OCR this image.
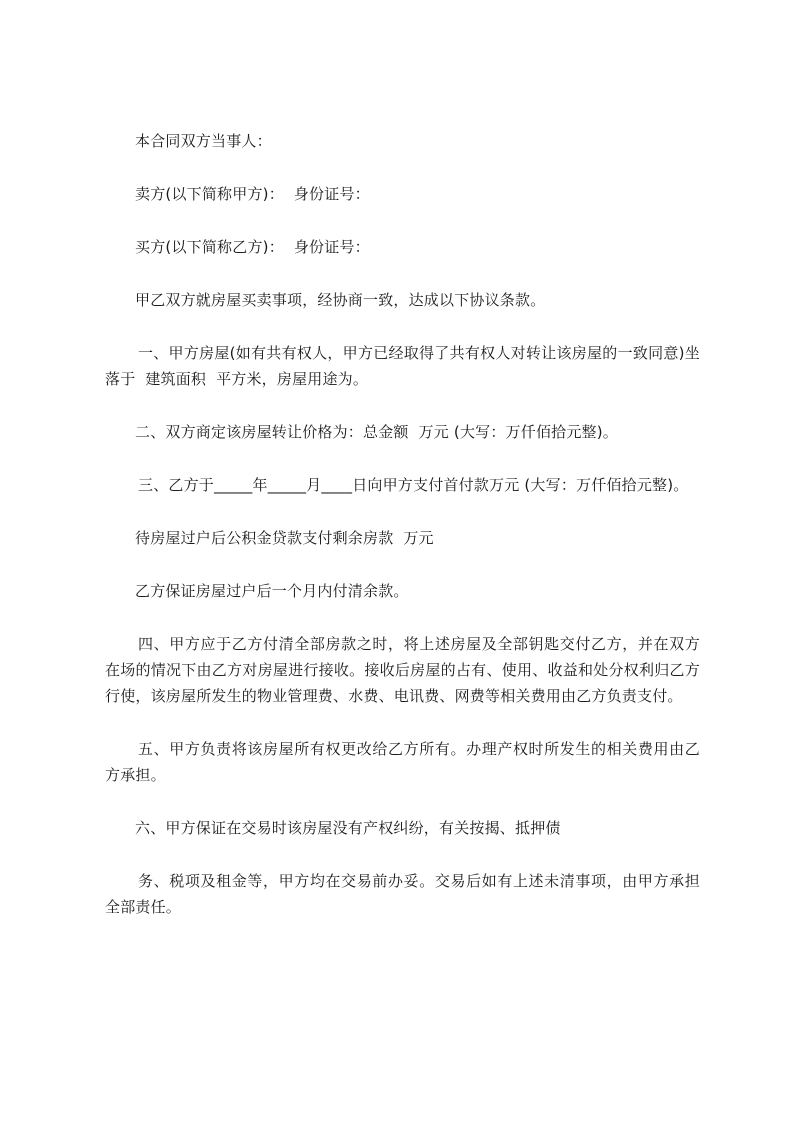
本合同双方当事人：

卖方(以下简称甲方)：  身份证号：

买方(以下简称乙方)：  身份证号：

甲乙双方就房屋买卖事项，经协商一致，达成以下协议条款。

一、甲方房屋(如有共有权人，甲方已经取得了共有权人对转让该房屋的一致同意)坐落于  建筑面积  平方米，房屋用途为。

二、双方商定该房屋转让价格为：总金额  万元 (大写：万仟佰拾元整)。

三、乙方于_____年_____月____日向甲方支付首付款万元 (大写：万仟佰拾元整)。

待房屋过户后公积金贷款支付剩余房款  万元

乙方保证房屋过户后一个月内付清余款。

四、甲方应于乙方付清全部房款之时，将上述房屋及全部钥匙交付乙方，并在双方在场的情况下由乙方对房屋进行接收。接收后房屋的占有、使用、收益和处分权利归乙方行使，该房屋所发生的物业管理费、水费、电讯费、网费等相关费用由乙方负责支付。

五、甲方负责将该房屋所有权更改给乙方所有。办理产权时所发生的相关费用由乙方承担。

六、甲方保证在交易时该房屋没有产权纠纷，有关按揭、抵押债

务、税项及租金等，甲方均在交易前办妥。交易后如有上述未清事项，由甲方承担全部责任。
